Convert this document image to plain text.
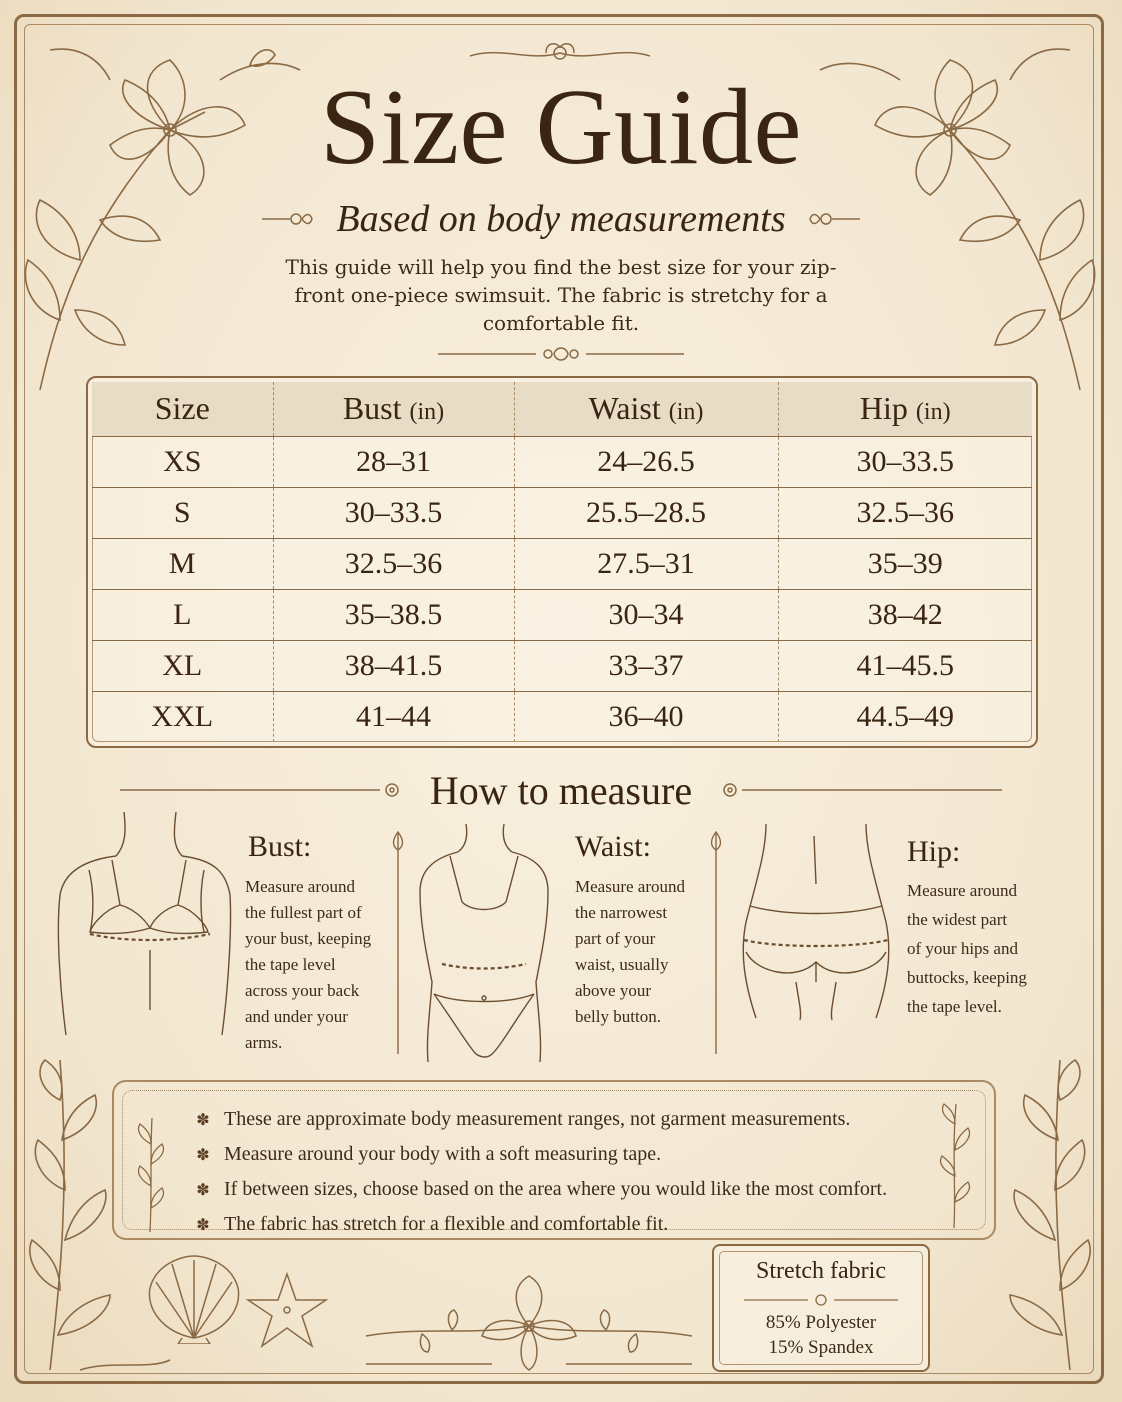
Size Guide
Based on body measurements
This guide will help you find the best size for your zip-front one-piece swimsuit. The fabric is stretchy for a comfortable fit.
Size	Bust (in)	Waist (in)	Hip (in)
XS	28–31	24–26.5	30–33.5
S	30–33.5	25.5–28.5	32.5–36
M	32.5–36	27.5–31	35–39
L	35–38.5	30–34	38–42
XL	38–41.5	33–37	41–45.5
XXL	41–44	36–40	44.5–49
How to measure
Bust:
Measure around
the fullest part of
your bust, keeping
the tape level
across your back
and under your
arms.
Waist:
Measure around
the narrowest
part of your
waist, usually
above your
belly button.
Hip:
Measure around
the widest part
of your hips and
buttocks, keeping
the tape level.
✽ These are approximate body measurement ranges, not garment measurements.
✽ Measure around your body with a soft measuring tape.
✽ If between sizes, choose based on the area where you would like the most comfort.
✽ The fabric has stretch for a flexible and comfortable fit.
Stretch fabric
85% Polyester
15% Spandex
